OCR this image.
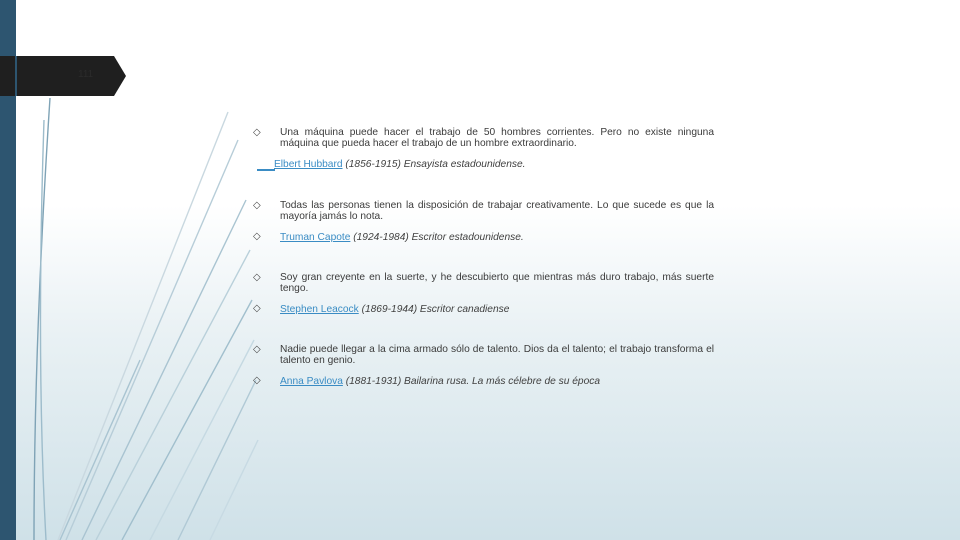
111
◇ Una máquina puede hacer el trabajo de 50 hombres corrientes. Pero no existe ninguna máquina que pueda hacer el trabajo de un hombre extraordinario.
Elbert Hubbard (1856-1915) Ensayista estadounidense.
◇ Todas las personas tienen la disposición de trabajar creativamente. Lo que sucede es que la mayoría jamás lo nota.
◇ Truman Capote (1924-1984) Escritor estadounidense.
◇ Soy gran creyente en la suerte, y he descubierto que mientras más duro trabajo, más suerte tengo.
◇ Stephen Leacock (1869-1944) Escritor canadiense
◇ Nadie puede llegar a la cima armado sólo de talento. Dios da el talento; el trabajo transforma el talento en genio.
◇ Anna Pavlova (1881-1931) Bailarina rusa. La más célebre de su época
